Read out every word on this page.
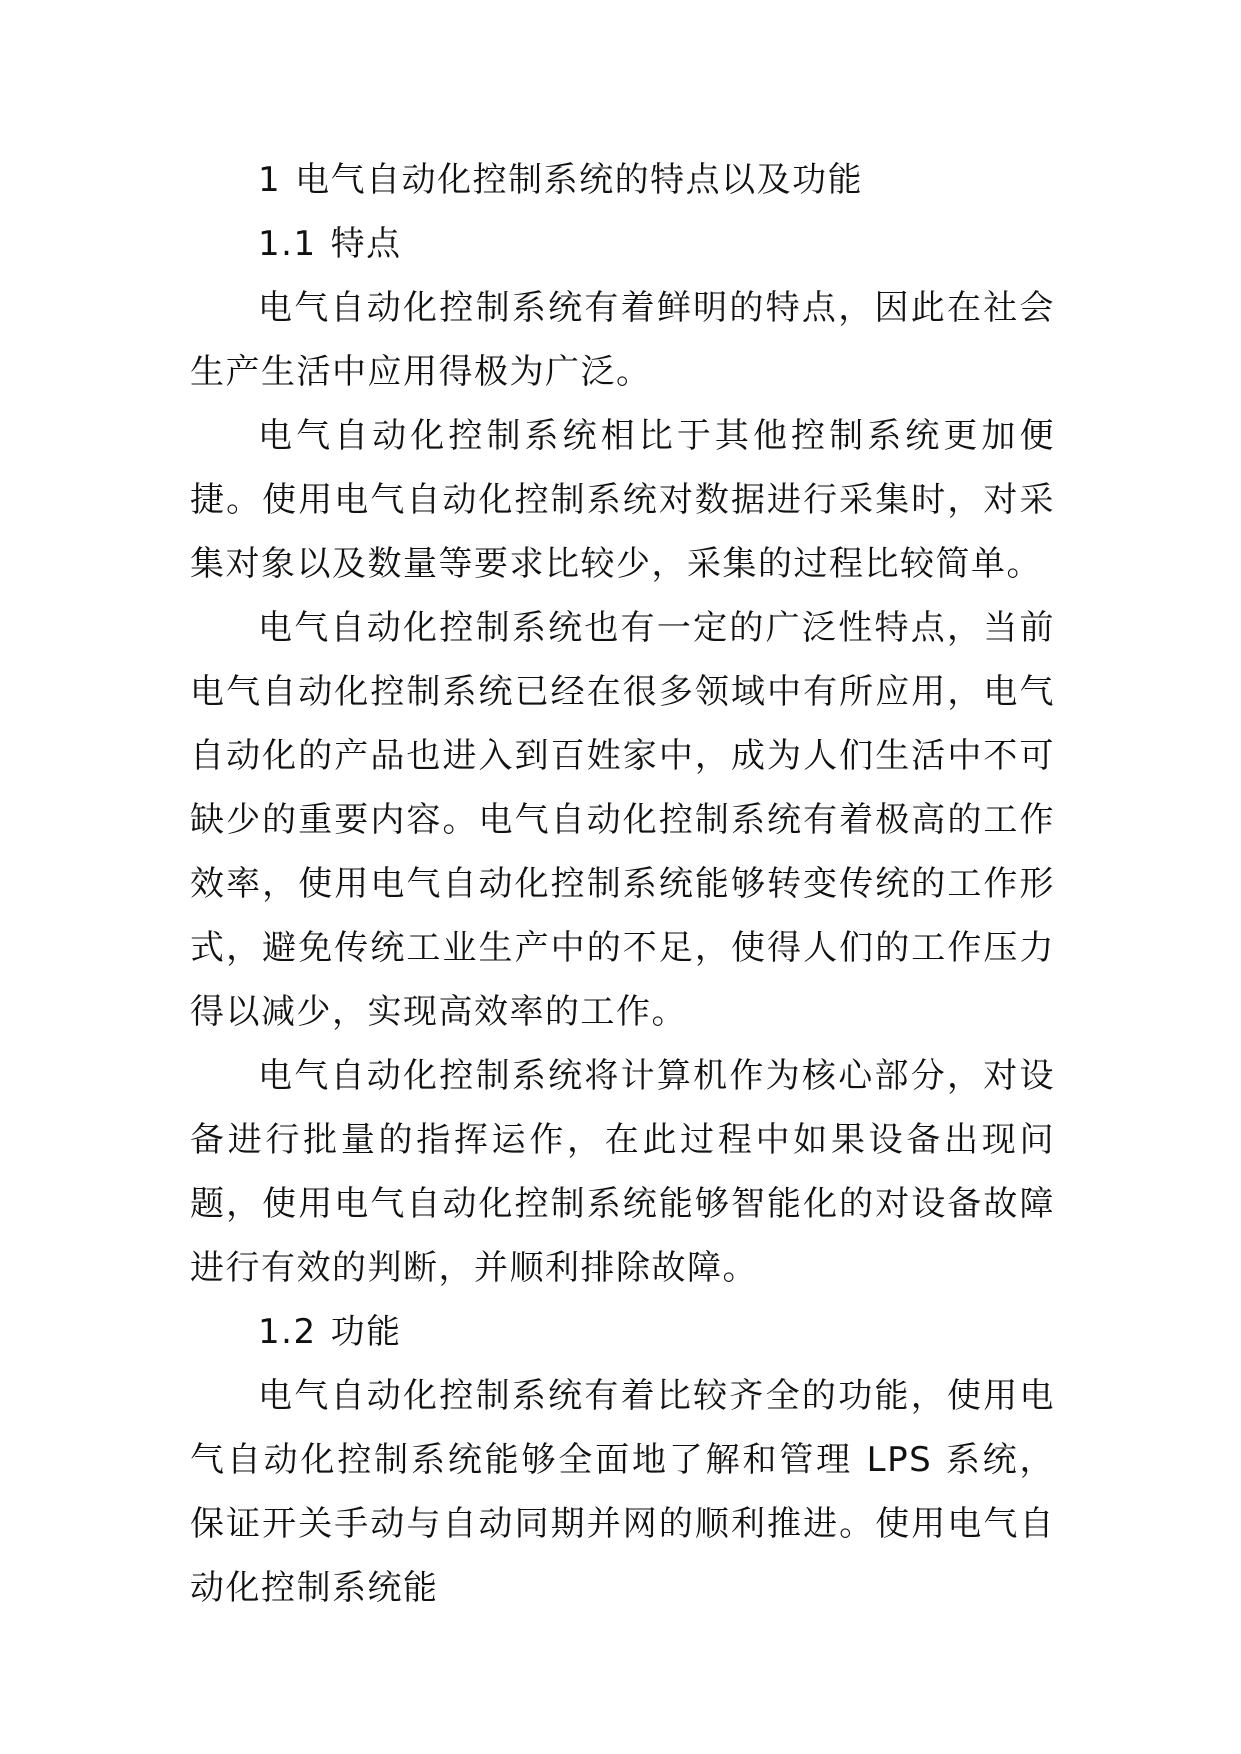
1 电气自动化控制系统的特点以及功能
1.1 特点

电气自动化控制系统有着鲜明的特点，因此在社会生产生活中应用得极为广泛。

电气自动化控制系统相比于其他控制系统更加便捷。使用电气自动化控制系统对数据进行采集时，对采集对象以及数量等要求比较少，采集的过程比较简单。

电气自动化控制系统也有一定的广泛性特点，当前电气自动化控制系统已经在很多领域中有所应用，电气自动化的产品也进入到百姓家中，成为人们生活中不可缺少的重要内容。电气自动化控制系统有着极高的工作效率，使用电气自动化控制系统能够转变传统的工作形式，避免传统工业生产中的不足，使得人们的工作压力得以减少，实现高效率的工作。

电气自动化控制系统将计算机作为核心部分，对设备进行批量的指挥运作，在此过程中如果设备出现问题，使用电气自动化控制系统能够智能化的对设备故障进行有效的判断，并顺利排除故障。

1.2 功能

电气自动化控制系统有着比较齐全的功能，使用电气自动化控制系统能够全面地了解和管理 LPS 系统，保证开关手动与自动同期并网的顺利推进。使用电气自动化控制系统能
